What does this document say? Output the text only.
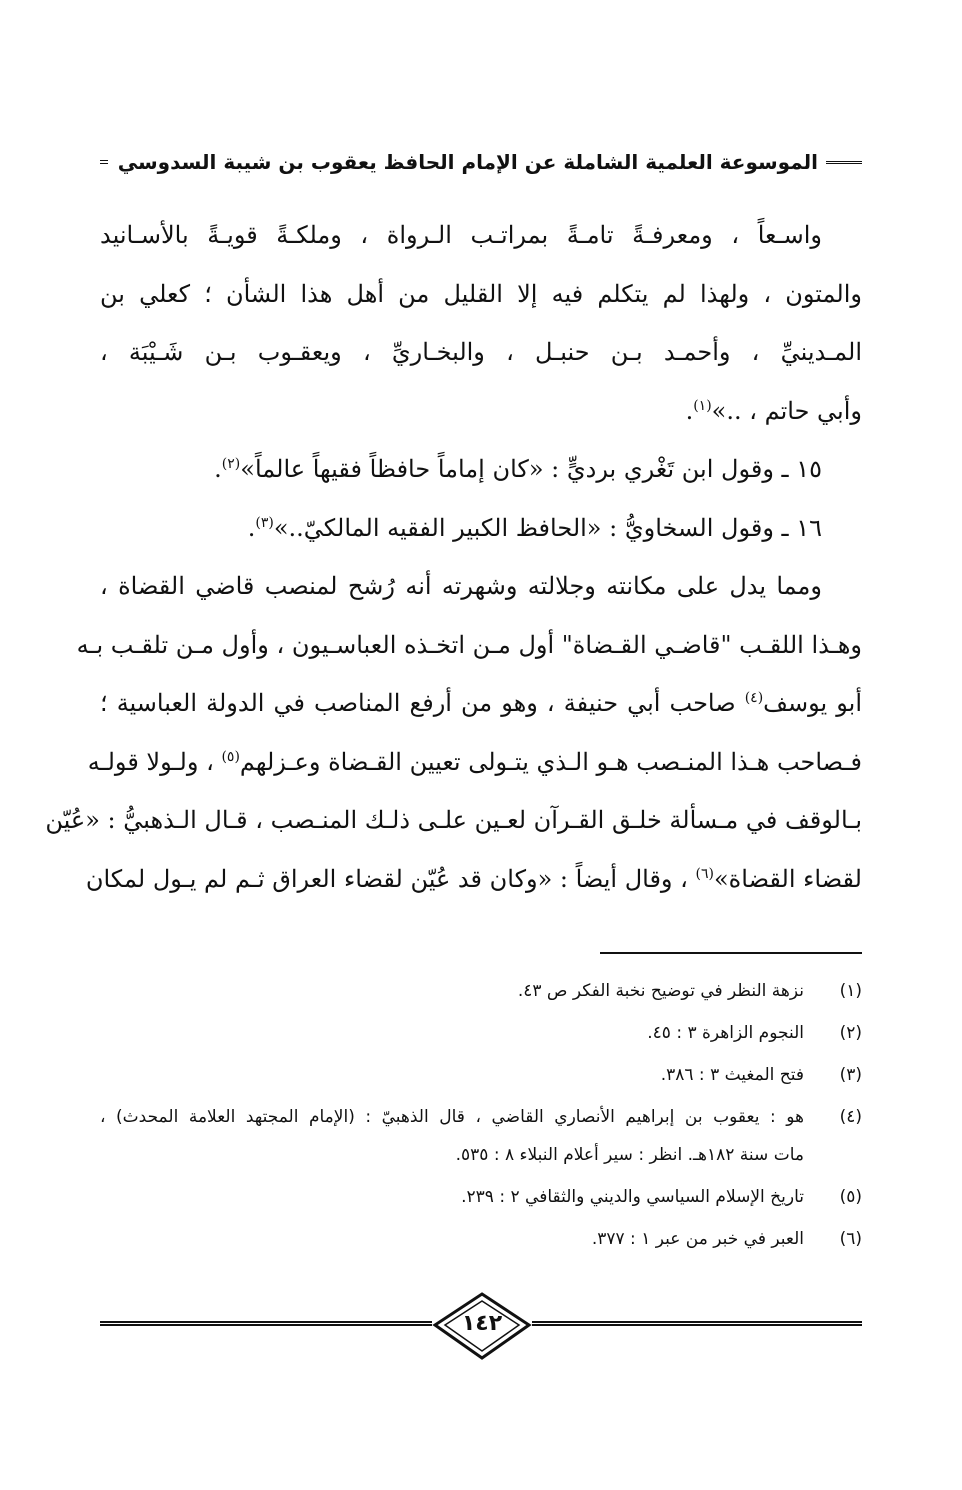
الموسوعة العلمية الشاملة عن الإمام الحافظ يعقوب بن شيبة السدوسي
واسـعاً ، ومعرفـةً تامـةً بمراتـب الـرواة ، وملكـةً قويـةً بالأسـانيد
والمتون ، ولهذا لم يتكلم فيه إلا القليل من أهل هذا الشأن ؛ كعلي بن
المـدينيِّ ، وأحمـد بـن حنبـل ، والبخـاريِّ ، ويعقـوب بـن شَـيْبَة ،
وأبي حاتم ، ..»$^{(١)}$.
١٥ ـ وقول ابن تَغْري برديٍّ : «كان إماماً حافظاً فقيهاً عالماً»$^{(٢)}$.
١٦ ـ وقول السخاويُّ : «الحافظ الكبير الفقيه المالكيّ..»$^{(٣)}$.
ومما يدل على مكانته وجلالته وشهرته أنه رُشح لمنصب قاضي القضاة ،
وهـذا اللقـب "قاضـي القـضاة" أول مـن اتخـذه العباسـيون ، وأول مـن تلقـب بـه
أبو يوسف$^{(٤)}$ صاحب أبي حنيفة ، وهو من أرفع المناصب في الدولة العباسية ؛
فـصاحب هـذا المنـصب هـو الـذي يتـولى تعيين القـضاة وعـزلهم$^{(٥)}$ ، ولـولا قولـه
بـالوقف في مـسألة خلـق القـرآن لعـين علـى ذلـك المنـصب ، قـال الـذهبيُّ : «عُيّن
لقضاء القضاة»$^{(٦)}$ ، وقال أيضاً : «وكان قد عُيّن لقضاء العراق ثـم لم يـول لمكان
(١)
نزهة النظر في توضيح نخبة الفكر ص ٤٣.
(٢)
النجوم الزاهرة ٣ : ٤٥.
(٣)
فتح المغيث ٣ : ٣٨٦.
(٤)
هو : يعقوب بن إبراهيم الأنصاري القاضي ، قال الذهبيّ : (الإمام المجتهد العلامة المحدث) ،
مات سنة ١٨٢هـ. انظر : سير أعلام النبلاء ٨ : ٥٣٥.
(٥)
تاريخ الإسلام السياسي والديني والثقافي ٢ : ٢٣٩.
(٦)
العبر في خبر من عبر ١ : ٣٧٧.
١٤٢
